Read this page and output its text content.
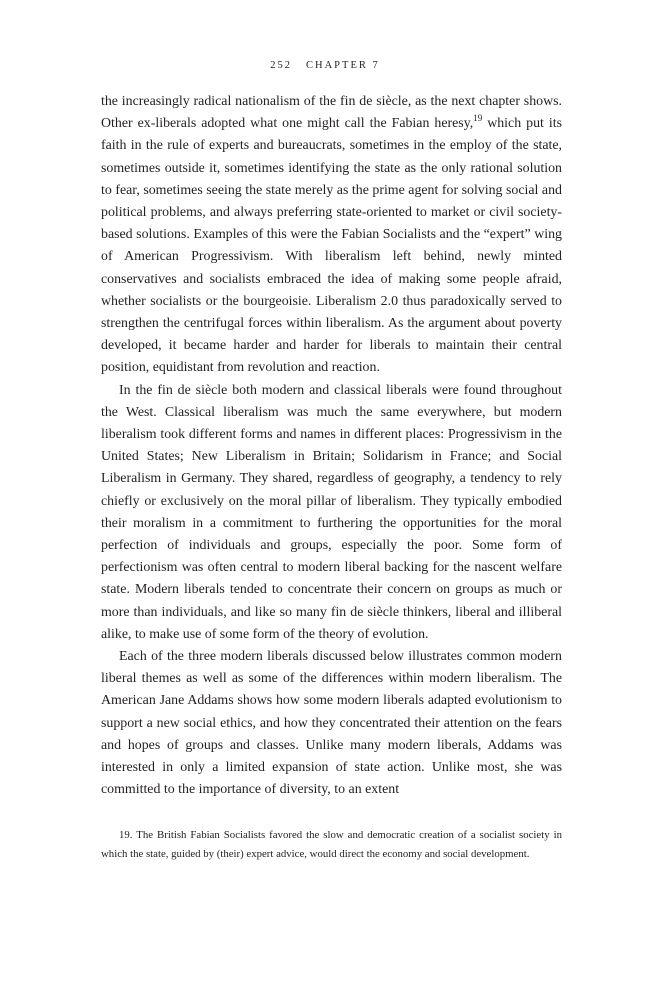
252 CHAPTER 7

the increasingly radical nationalism of the fin de siècle, as the next chapter shows. Other ex-liberals adopted what one might call the Fabian heresy,$^{19}$ which put its faith in the rule of experts and bureaucrats, sometimes in the employ of the state, sometimes outside it, sometimes identifying the state as the only rational solution to fear, sometimes seeing the state merely as the prime agent for solving social and political problems, and always preferring state-oriented to market or civil society-based solutions. Examples of this were the Fabian Socialists and the “expert” wing of American Progressivism. With liberalism left behind, newly minted conservatives and socialists embraced the idea of making some people afraid, whether socialists or the bourgeoisie. Liberalism 2.0 thus paradoxically served to strengthen the centrifugal forces within liberalism. As the argument about poverty developed, it became harder and harder for liberals to maintain their central position, equidistant from revolution and reaction.

In the fin de siècle both modern and classical liberals were found throughout the West. Classical liberalism was much the same everywhere, but modern liberalism took different forms and names in different places: Progressivism in the United States; New Liberalism in Britain; Solidarism in France; and Social Liberalism in Germany. They shared, regardless of geography, a tendency to rely chiefly or exclusively on the moral pillar of liberalism. They typically embodied their moralism in a commitment to furthering the opportunities for the moral perfection of individuals and groups, especially the poor. Some form of perfectionism was often central to modern liberal backing for the nascent welfare state. Modern liberals tended to concentrate their concern on groups as much or more than individuals, and like so many fin de siècle thinkers, liberal and illiberal alike, to make use of some form of the theory of evolution.

Each of the three modern liberals discussed below illustrates common modern liberal themes as well as some of the differences within modern liberalism. The American Jane Addams shows how some modern liberals adapted evolutionism to support a new social ethics, and how they concentrated their attention on the fears and hopes of groups and classes. Unlike many modern liberals, Addams was interested in only a limited expansion of state action. Unlike most, she was committed to the importance of diversity, to an extent

19. The British Fabian Socialists favored the slow and democratic creation of a socialist society in which the state, guided by (their) expert advice, would direct the economy and social development.
